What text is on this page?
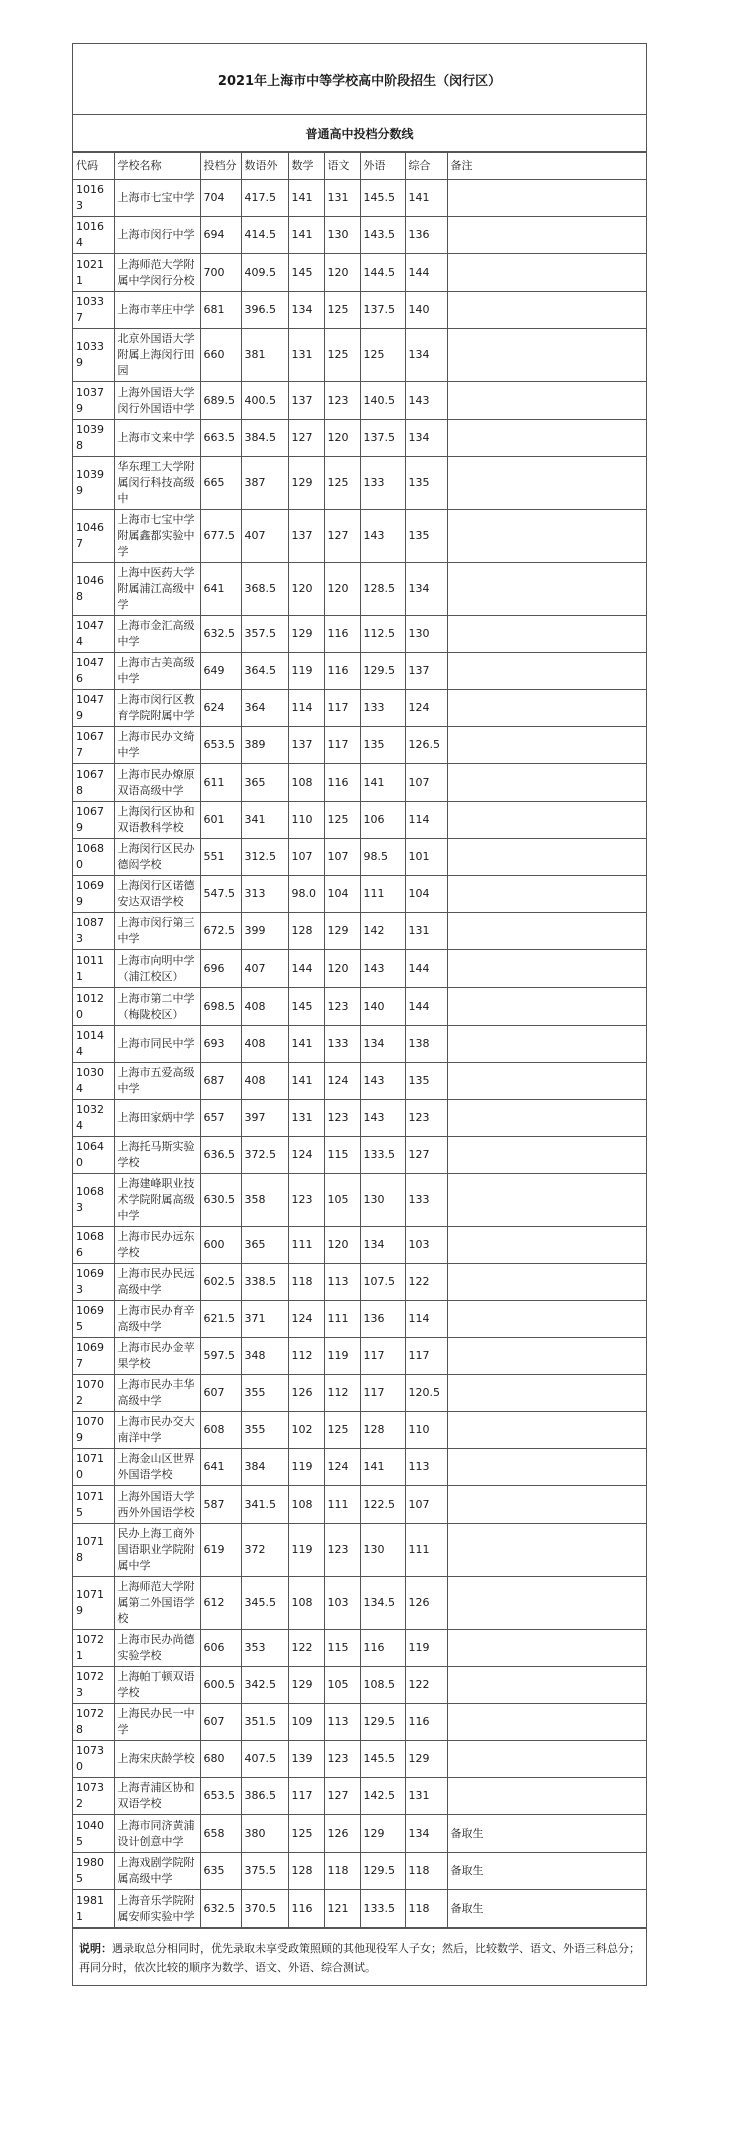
2021年上海市中等学校高中阶段招生（闵行区）
普通高中投档分数线
代码	学校名称	投档分	数语外	数学	语文	外语	综合	备注
10163	上海市七宝中学	704	417.5	141	131	145.5	141	
10164	上海市闵行中学	694	414.5	141	130	143.5	136	
10211	上海师范大学附属中学闵行分校	700	409.5	145	120	144.5	144	
10337	上海市莘庄中学	681	396.5	134	125	137.5	140	
10339	北京外国语大学附属上海闵行田园	660	381	131	125	125	134	
10379	上海外国语大学闵行外国语中学	689.5	400.5	137	123	140.5	143	
10398	上海市文来中学	663.5	384.5	127	120	137.5	134	
10399	华东理工大学附属闵行科技高级中	665	387	129	125	133	135	
10467	上海市七宝中学附属鑫都实验中学	677.5	407	137	127	143	135	
10468	上海中医药大学附属浦江高级中学	641	368.5	120	120	128.5	134	
10474	上海市金汇高级中学	632.5	357.5	129	116	112.5	130	
10476	上海市古美高级中学	649	364.5	119	116	129.5	137	
10479	上海市闵行区教育学院附属中学	624	364	114	117	133	124	
10677	上海市民办文绮中学	653.5	389	137	117	135	126.5	
10678	上海市民办燎原双语高级中学	611	365	108	116	141	107	
10679	上海闵行区协和双语教科学校	601	341	110	125	106	114	
10680	上海闵行区民办德闳学校	551	312.5	107	107	98.5	101	
10699	上海闵行区诺德安达双语学校	547.5	313	98.0	104	111	104	
10873	上海市闵行第三中学	672.5	399	128	129	142	131	
10111	上海市向明中学（浦江校区）	696	407	144	120	143	144	
10120	上海市第二中学（梅陇校区）	698.5	408	145	123	140	144	
10144	上海市同民中学	693	408	141	133	134	138	
10304	上海市五爱高级中学	687	408	141	124	143	135	
10324	上海田家炳中学	657	397	131	123	143	123	
10640	上海托马斯实验学校	636.5	372.5	124	115	133.5	127	
10683	上海建峰职业技术学院附属高级中学	630.5	358	123	105	130	133	
10686	上海市民办远东学校	600	365	111	120	134	103	
10693	上海市民办民远高级中学	602.5	338.5	118	113	107.5	122	
10695	上海市民办育辛高级中学	621.5	371	124	111	136	114	
10697	上海市民办金苹果学校	597.5	348	112	119	117	117	
10702	上海市民办丰华高级中学	607	355	126	112	117	120.5	
10709	上海市民办交大南洋中学	608	355	102	125	128	110	
10710	上海金山区世界外国语学校	641	384	119	124	141	113	
10715	上海外国语大学西外外国语学校	587	341.5	108	111	122.5	107	
10718	民办上海工商外国语职业学院附属中学	619	372	119	123	130	111	
10719	上海师范大学附属第二外国语学校	612	345.5	108	103	134.5	126	
10721	上海市民办尚德实验学校	606	353	122	115	116	119	
10723	上海帕丁顿双语学校	600.5	342.5	129	105	108.5	122	
10728	上海民办民一中学	607	351.5	109	113	129.5	116	
10730	上海宋庆龄学校	680	407.5	139	123	145.5	129	
10732	上海青浦区协和双语学校	653.5	386.5	117	127	142.5	131	
10405	上海市同济黄浦设计创意中学	658	380	125	126	129	134	备取生
19805	上海戏剧学院附属高级中学	635	375.5	128	118	129.5	118	备取生
19811	上海音乐学院附属安师实验中学	632.5	370.5	116	121	133.5	118	备取生
说明：遇录取总分相同时，优先录取未享受政策照顾的其他现役军人子女；然后，比较数学、语文、外语三科总分；再同分时，依次比较的顺序为数学、语文、外语、综合测试。
